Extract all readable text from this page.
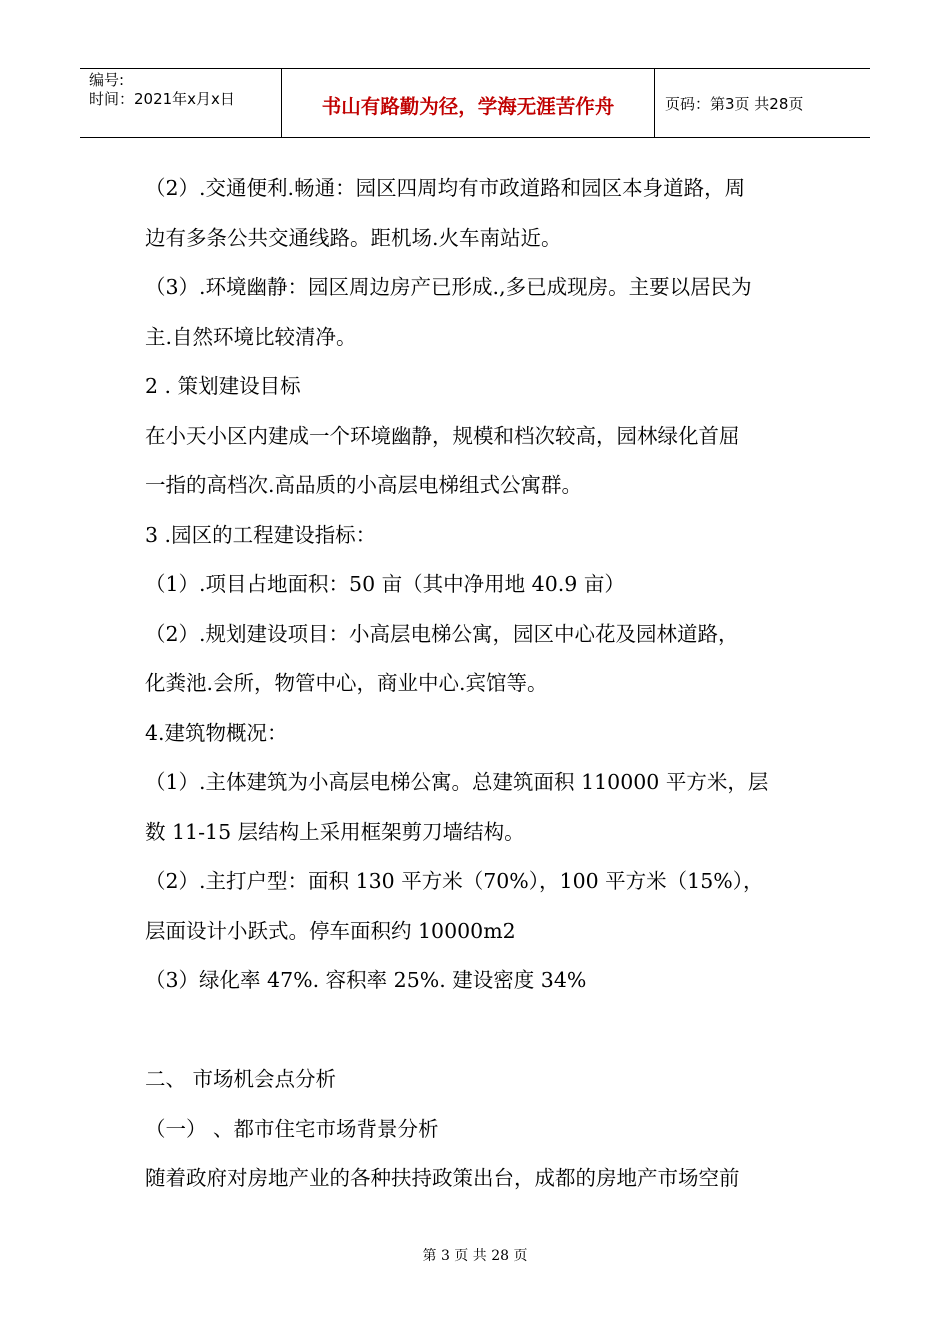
编号:
时间：2021年x月x日	书山有路勤为径，学海无涯苦作舟	页码：第3页 共28页
（2）.交通便利.畅通：园区四周均有市政道路和园区本身道路，周
边有多条公共交通线路。距机场.火车南站近。
（3）.环境幽静：园区周边房产已形成.,多已成现房。主要以居民为
主.自然环境比较清净。
2 . 策划建设目标
在小天小区内建成一个环境幽静，规模和档次较高，园林绿化首屈
一指的高档次.高品质的小高层电梯组式公寓群。
3 .园区的工程建设指标：
（1）.项目占地面积：50 亩（其中净用地 40.9 亩）
（2）.规划建设项目：小高层电梯公寓，园区中心花及园林道路，
化粪池.会所，物管中心，商业中心.宾馆等。
4.建筑物概况：
（1）.主体建筑为小高层电梯公寓。总建筑面积 110000 平方米，层
数 11-15 层结构上采用框架剪刀墙结构。
（2）.主打户型：面积 130 平方米（70%），100 平方米（15%），
层面设计小跃式。停车面积约 10000m2
（3）绿化率 47%. 容积率 25%. 建设密度 34%
二、 市场机会点分析
（一） 、都市住宅市场背景分析
随着政府对房地产业的各种扶持政策出台，成都的房地产市场空前
第 3 页 共 28 页
